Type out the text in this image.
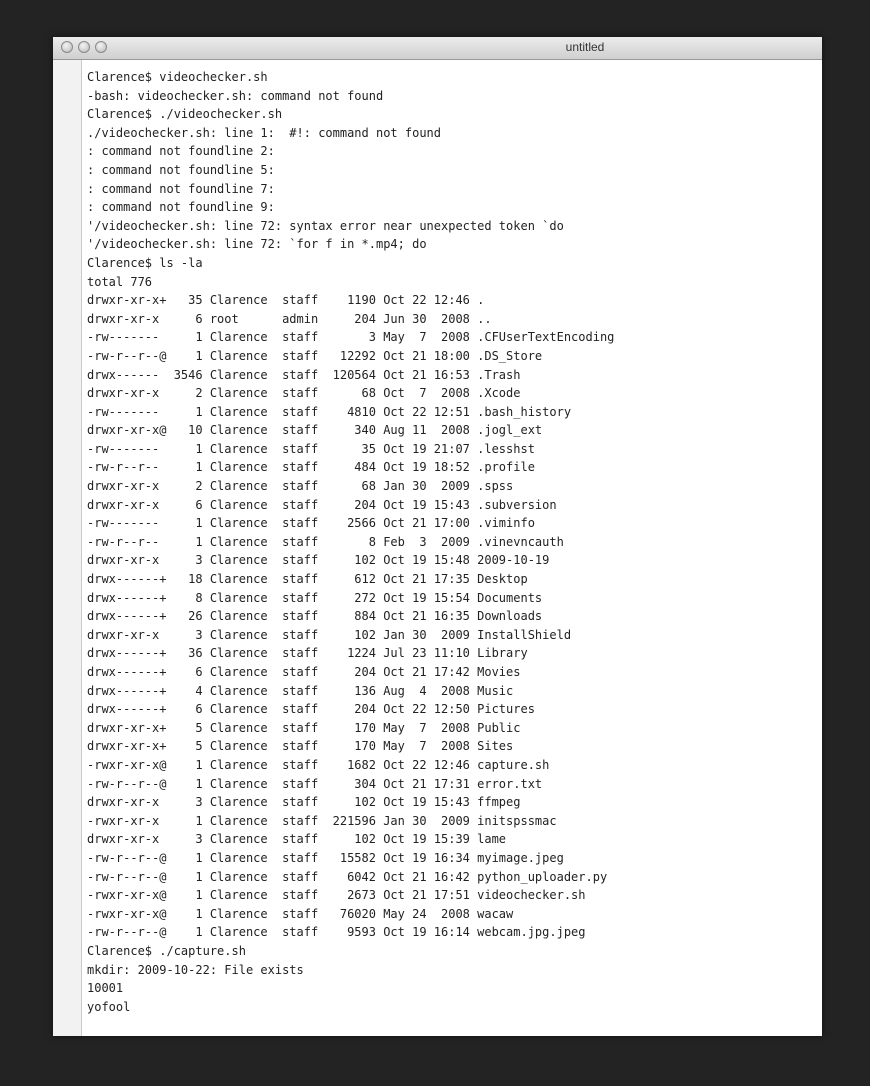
untitled
Clarence$ videochecker.sh
-bash: videochecker.sh: command not found
Clarence$ ./videochecker.sh
./videochecker.sh: line 1:  #!: command not found
: command not foundline 2:
: command not foundline 5:
: command not foundline 7:
: command not foundline 9:
'/videochecker.sh: line 72: syntax error near unexpected token `do
'/videochecker.sh: line 72: `for f in *.mp4; do
Clarence$ ls -la
total 776
drwxr-xr-x+   35 Clarence  staff    1190 Oct 22 12:46 .
drwxr-xr-x     6 root      admin     204 Jun 30  2008 ..
-rw-------     1 Clarence  staff       3 May  7  2008 .CFUserTextEncoding
-rw-r--r--@    1 Clarence  staff   12292 Oct 21 18:00 .DS_Store
drwx------  3546 Clarence  staff  120564 Oct 21 16:53 .Trash
drwxr-xr-x     2 Clarence  staff      68 Oct  7  2008 .Xcode
-rw-------     1 Clarence  staff    4810 Oct 22 12:51 .bash_history
drwxr-xr-x@   10 Clarence  staff     340 Aug 11  2008 .jogl_ext
-rw-------     1 Clarence  staff      35 Oct 19 21:07 .lesshst
-rw-r--r--     1 Clarence  staff     484 Oct 19 18:52 .profile
drwxr-xr-x     2 Clarence  staff      68 Jan 30  2009 .spss
drwxr-xr-x     6 Clarence  staff     204 Oct 19 15:43 .subversion
-rw-------     1 Clarence  staff    2566 Oct 21 17:00 .viminfo
-rw-r--r--     1 Clarence  staff       8 Feb  3  2009 .vinevncauth
drwxr-xr-x     3 Clarence  staff     102 Oct 19 15:48 2009-10-19
drwx------+   18 Clarence  staff     612 Oct 21 17:35 Desktop
drwx------+    8 Clarence  staff     272 Oct 19 15:54 Documents
drwx------+   26 Clarence  staff     884 Oct 21 16:35 Downloads
drwxr-xr-x     3 Clarence  staff     102 Jan 30  2009 InstallShield
drwx------+   36 Clarence  staff    1224 Jul 23 11:10 Library
drwx------+    6 Clarence  staff     204 Oct 21 17:42 Movies
drwx------+    4 Clarence  staff     136 Aug  4  2008 Music
drwx------+    6 Clarence  staff     204 Oct 22 12:50 Pictures
drwxr-xr-x+    5 Clarence  staff     170 May  7  2008 Public
drwxr-xr-x+    5 Clarence  staff     170 May  7  2008 Sites
-rwxr-xr-x@    1 Clarence  staff    1682 Oct 22 12:46 capture.sh
-rw-r--r--@    1 Clarence  staff     304 Oct 21 17:31 error.txt
drwxr-xr-x     3 Clarence  staff     102 Oct 19 15:43 ffmpeg
-rwxr-xr-x     1 Clarence  staff  221596 Jan 30  2009 initspssmac
drwxr-xr-x     3 Clarence  staff     102 Oct 19 15:39 lame
-rw-r--r--@    1 Clarence  staff   15582 Oct 19 16:34 myimage.jpeg
-rw-r--r--@    1 Clarence  staff    6042 Oct 21 16:42 python_uploader.py
-rwxr-xr-x@    1 Clarence  staff    2673 Oct 21 17:51 videochecker.sh
-rwxr-xr-x@    1 Clarence  staff   76020 May 24  2008 wacaw
-rw-r--r--@    1 Clarence  staff    9593 Oct 19 16:14 webcam.jpg.jpeg
Clarence$ ./capture.sh
mkdir: 2009-10-22: File exists
10001
yofool
